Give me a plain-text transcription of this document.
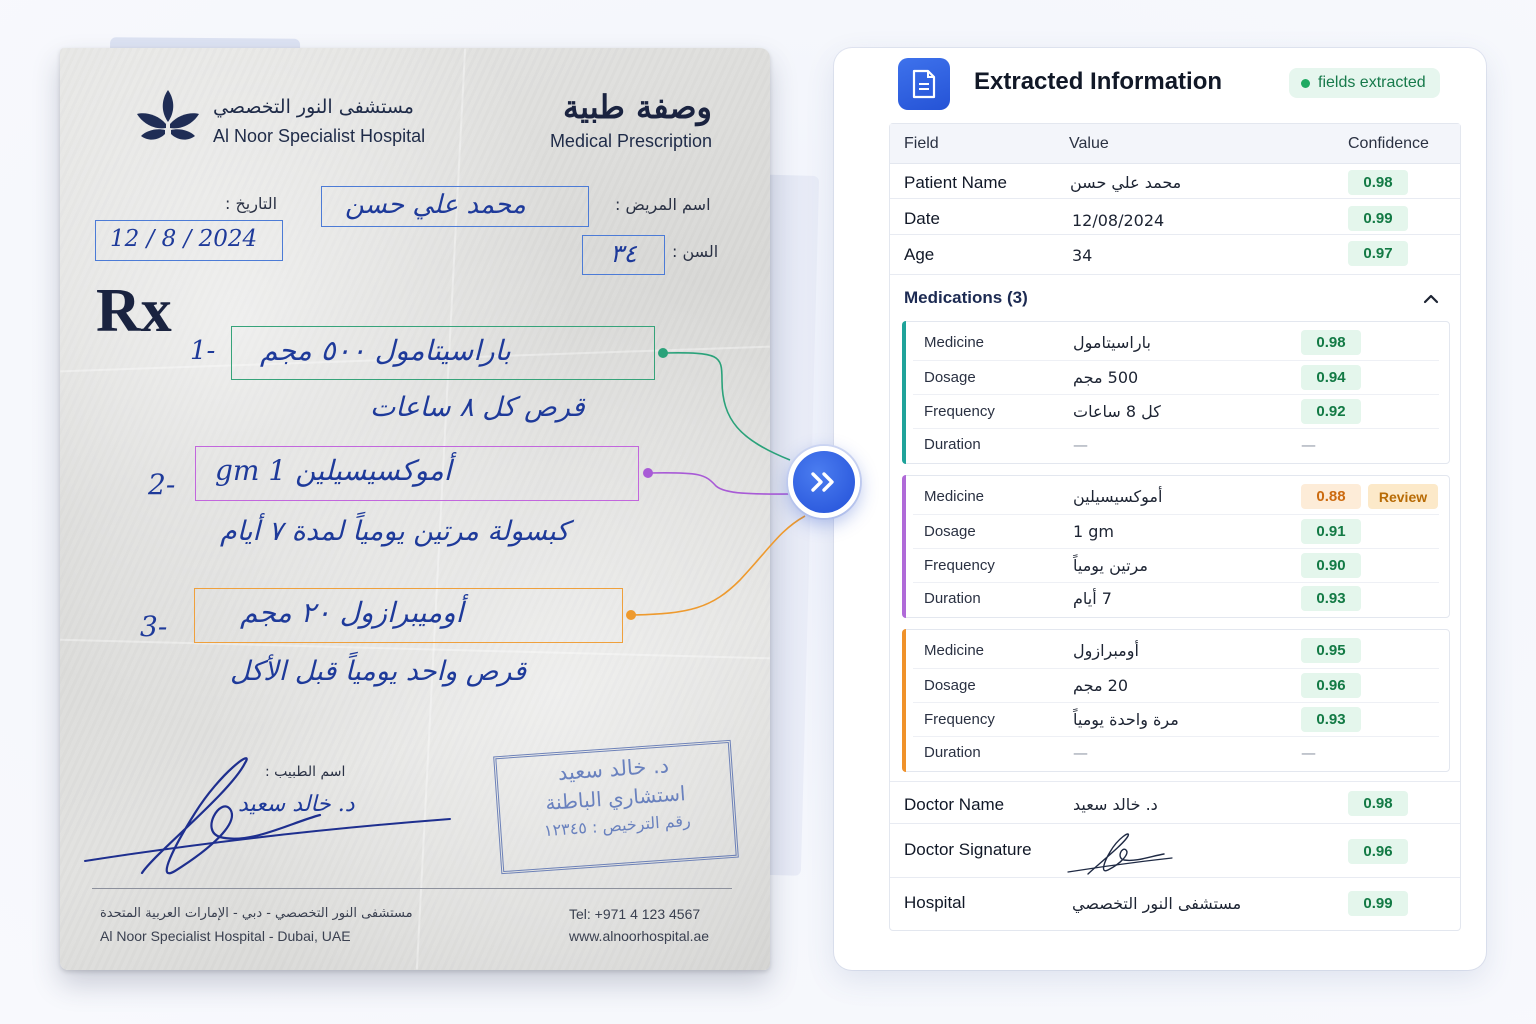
مستشفى النور التخصصي
Al Noor Specialist Hospital
وصفة طبية
Medical Prescription
التاريخ :
12 / 8 / 2024
اسم المريض :
محمد علي حسن
السن :
٣٤
Rx
1- باراسيتامول ٥٠٠ مجم
قرص كل ٨ ساعات
2- أموكسيسيلين 1 gm
كبسولة مرتين يومياً لمدة ٧ أيام
3-	أوميبرازول ٢٠ مجم
قرص واحد يومياً قبل الأكل
اسم الطبيب :
د. خالد سعيد
د. خالد سعيد
استشاري الباطنة
رقم الترخيص : ١٢٣٤٥
مستشفى النور التخصصي - دبي - الإمارات العربية المتحدة
Al Noor Specialist Hospital - Dubai, UAE
Tel: +971 4 123 4567
www.alnoorhospital.ae
Extracted Information	fields extracted
Field	Value	Confidence
Patient Name	محمد علي حسن	0.98
Date	12/08/2024	0.99
Age	34	0.97
Medications (3)
Medicine	باراسيتامول	0.98
Dosage	500 مجم	0.94
Frequency	كل 8 ساعات	0.92
Duration	—	—
Medicine	أموكسيسيلين	0.88	Review
Dosage	1 gm	0.91
Frequency	مرتين يومياً	0.90
Duration	7 أيام	0.93
Medicine	أومبرازول	0.95
Dosage	20 مجم	0.96
Frequency	مرة واحدة يومياً	0.93
Duration	—	—
Doctor Name	د. خالد سعيد	0.98
Doctor Signature	0.96
Hospital	مستشفى النور التخصصي	0.99
